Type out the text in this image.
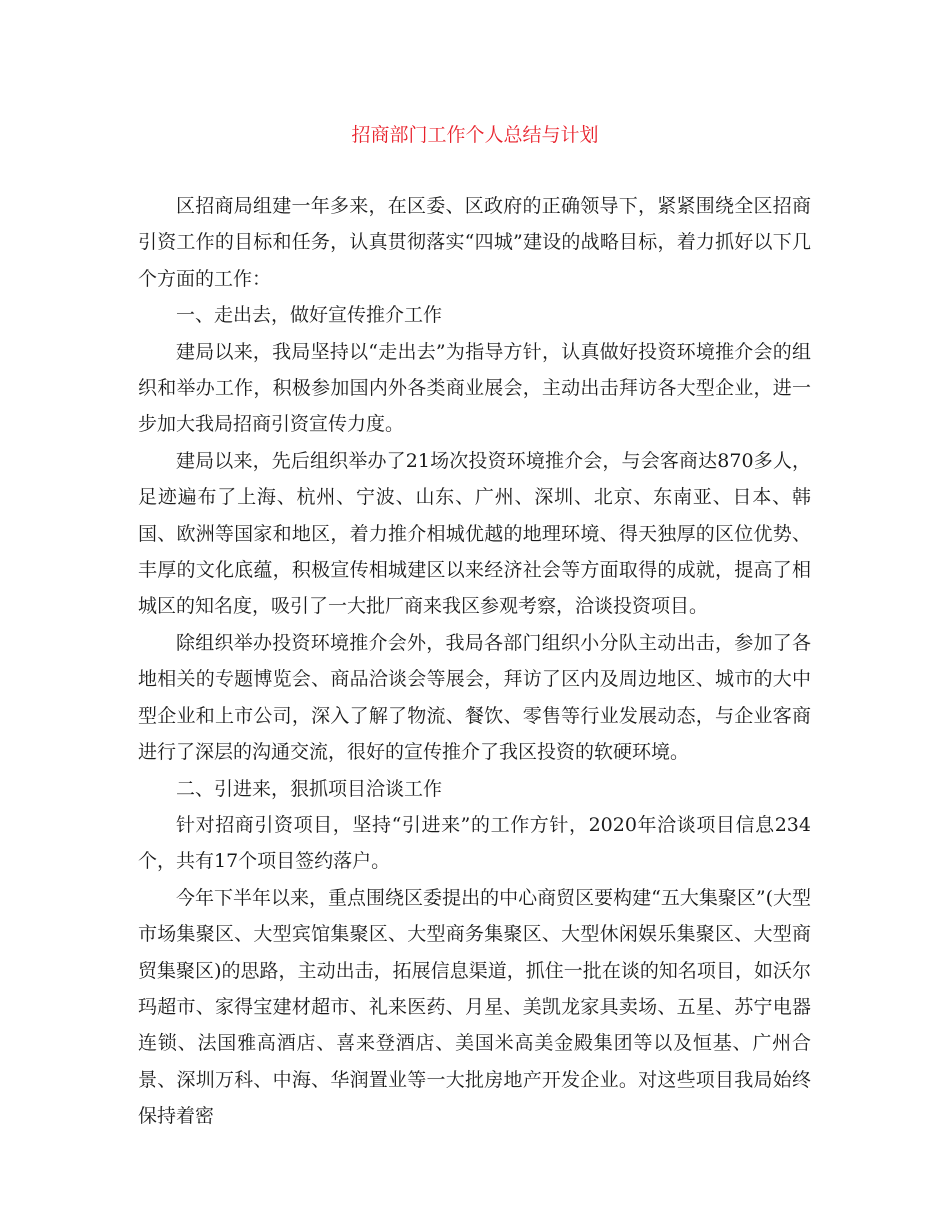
招商部门工作个人总结与计划

区招商局组建一年多来，在区委、区政府的正确领导下，紧紧围绕全区招商引资工作的目标和任务，认真贯彻落实“四城”建设的战略目标，着力抓好以下几个方面的工作：

一、走出去，做好宣传推介工作

建局以来，我局坚持以“走出去”为指导方针，认真做好投资环境推介会的组织和举办工作，积极参加国内外各类商业展会，主动出击拜访各大型企业，进一步加大我局招商引资宣传力度。

建局以来，先后组织举办了21场次投资环境推介会，与会客商达870多人，足迹遍布了上海、杭州、宁波、山东、广州、深圳、北京、东南亚、日本、韩国、欧洲等国家和地区，着力推介相城优越的地理环境、得天独厚的区位优势、丰厚的文化底蕴，积极宣传相城建区以来经济社会等方面取得的成就，提高了相城区的知名度，吸引了一大批厂商来我区参观考察，洽谈投资项目。

除组织举办投资环境推介会外，我局各部门组织小分队主动出击，参加了各地相关的专题博览会、商品洽谈会等展会，拜访了区内及周边地区、城市的大中型企业和上市公司，深入了解了物流、餐饮、零售等行业发展动态，与企业客商进行了深层的沟通交流，很好的宣传推介了我区投资的软硬环境。

二、引进来，狠抓项目洽谈工作

针对招商引资项目，坚持“引进来”的工作方针，2020年洽谈项目信息234个，共有17个项目签约落户。

今年下半年以来，重点围绕区委提出的中心商贸区要构建“五大集聚区”(大型市场集聚区、大型宾馆集聚区、大型商务集聚区、大型休闲娱乐集聚区、大型商贸集聚区)的思路，主动出击，拓展信息渠道，抓住一批在谈的知名项目，如沃尔玛超市、家得宝建材超市、礼来医药、月星、美凯龙家具卖场、五星、苏宁电器连锁、法国雅高酒店、喜来登酒店、美国米高美金殿集团等以及恒基、广州合景、深圳万科、中海、华润置业等一大批房地产开发企业。对这些项目我局始终保持着密
